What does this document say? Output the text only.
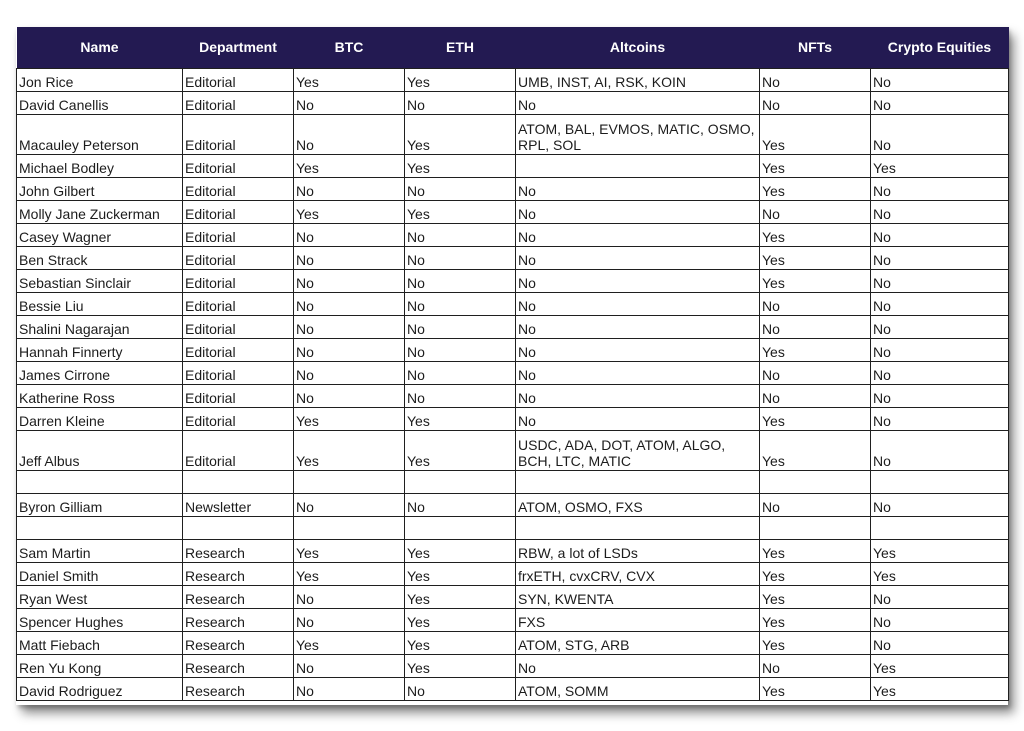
Name	Department	BTC	ETH	Altcoins	NFTs	Crypto Equities
Jon Rice	Editorial	Yes	Yes	UMB, INST, AI, RSK, KOIN	No	No
David Canellis	Editorial	No	No	No	No	No
Macauley Peterson	Editorial	No	Yes	ATOM, BAL, EVMOS, MATIC, OSMO, RPL, SOL	Yes	No
Michael Bodley	Editorial	Yes	Yes		Yes	Yes
John Gilbert	Editorial	No	No	No	Yes	No
Molly Jane Zuckerman	Editorial	Yes	Yes	No	No	No
Casey Wagner	Editorial	No	No	No	Yes	No
Ben Strack	Editorial	No	No	No	Yes	No
Sebastian Sinclair	Editorial	No	No	No	Yes	No
Bessie Liu	Editorial	No	No	No	No	No
Shalini Nagarajan	Editorial	No	No	No	No	No
Hannah Finnerty	Editorial	No	No	No	Yes	No
James Cirrone	Editorial	No	No	No	No	No
Katherine Ross	Editorial	No	No	No	No	No
Darren Kleine	Editorial	Yes	Yes	No	Yes	No
Jeff Albus	Editorial	Yes	Yes	USDC, ADA, DOT, ATOM, ALGO, BCH, LTC, MATIC	Yes	No

Byron Gilliam	Newsletter	No	No	ATOM, OSMO, FXS	No	No

Sam Martin	Research	Yes	Yes	RBW, a lot of LSDs	Yes	Yes
Daniel Smith	Research	Yes	Yes	frxETH, cvxCRV, CVX	Yes	Yes
Ryan West	Research	No	Yes	SYN, KWENTA	Yes	No
Spencer Hughes	Research	No	Yes	FXS	Yes	No
Matt Fiebach	Research	Yes	Yes	ATOM, STG, ARB	Yes	No
Ren Yu Kong	Research	No	Yes	No	No	Yes
David Rodriguez	Research	No	No	ATOM, SOMM	Yes	Yes
